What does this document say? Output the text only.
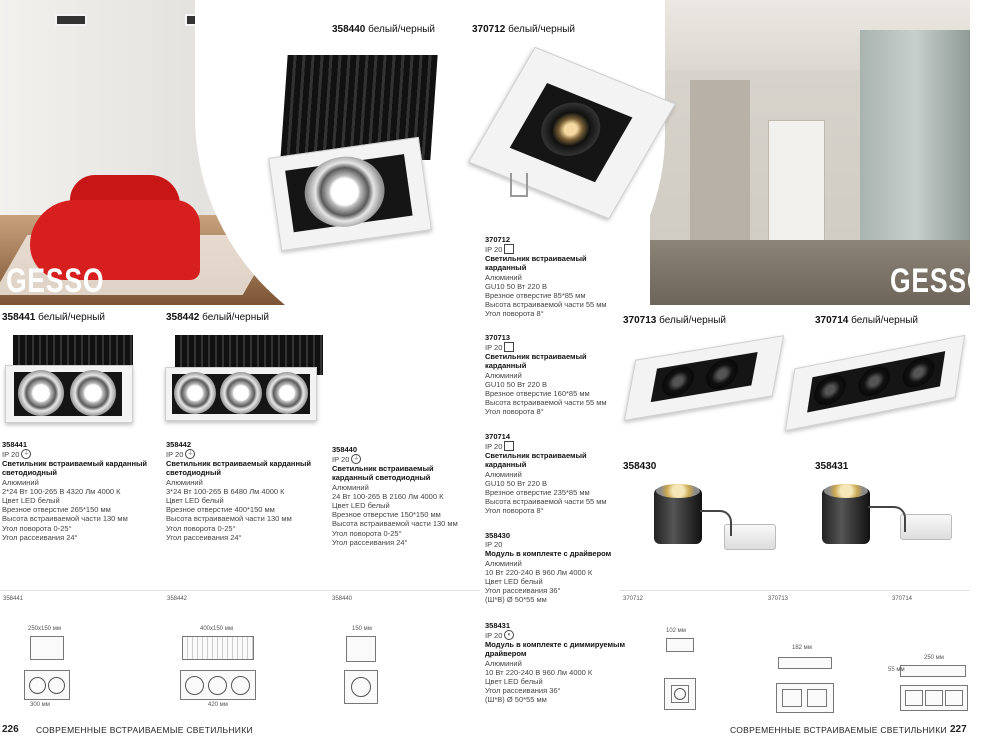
GESSO	GESSO
358440 белый/черный	370712 белый/черный
358441 белый/черный	358442 белый/черный	370713 белый/черный	370714 белый/черный
358430	358431
358441
IP 20 ⏚
Светильник встраиваемый карданный светодиодный
Алюминий
2*24 Вт 100-265 В 4320 Лм 4000 К
Цвет LED белый
Врезное отверстие 265*150 мм
Высота встраиваемой части 130 мм
Угол поворота 0-25°
Угол рассеивания 24°
358442
IP 20 ⏚
Светильник встраиваемый карданный светодиодный
Алюминий
3*24 Вт 100-265 В 6480 Лм 4000 К
Цвет LED белый
Врезное отверстие 400*150 мм
Высота встраиваемой части 130 мм
Угол поворота 0-25°
Угол рассеивания 24°
358440
IP 20 ⏚
Светильник встраиваемый карданный светодиодный
Алюминий
24 Вт 100-265 В 2160 Лм 4000 К
Цвет LED белый
Врезное отверстие 150*150 мм
Высота встраиваемой части 130 мм
Угол поворота 0-25°
Угол рассеивания 24°
370712
IP 20
Светильник встраиваемый карданный
Алюминий
GU10 50 Вт 220 В
Врезное отверстие 85*85 мм
Высота встраиваемой части 55 мм
Угол поворота 8°
370713
IP 20
Светильник встраиваемый карданный
Алюминий
GU10 50 Вт 220 В
Врезное отверстие 160*85 мм
Высота встраиваемой части 55 мм
Угол поворота 8°
370714
IP 20
Светильник встраиваемый карданный
Алюминий
GU10 50 Вт 220 В
Врезное отверстие 235*85 мм
Высота встраиваемой части 55 мм
Угол поворота 8°
358430
IP 20
Модуль в комплекте с драйвером
Алюминий
10 Вт 220-240 В 960 Лм 4000 К
Цвет LED белый
Угол рассеивания 36°
(Ш*В) Ø 50*55 мм
358431
IP 20 ◐
Модуль в комплекте с диммируемым драйвером
Алюминий
10 Вт 220-240 В 960 Лм 4000 К
Цвет LED белый
Угол рассеивания 36°
(Ш*В) Ø 50*55 мм
358441	358442	358440	370712	370713	370714
250x150 мм
300 мм
400x150 мм
420 мм
150 мм	102 мм
182 мм
250 мм
55 мм
226 СОВРЕМЕННЫЕ ВСТРАИВАЕМЫЕ СВЕТИЛЬНИКИ	СОВРЕМЕННЫЕ ВСТРАИВАЕМЫЕ СВЕТИЛЬНИКИ 227
